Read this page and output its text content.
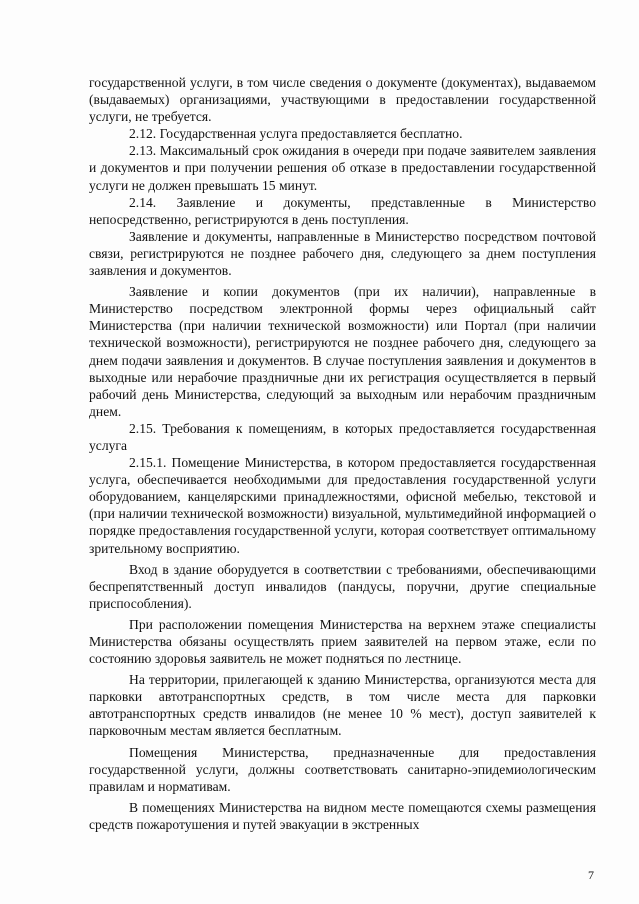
государственной услуги, в том числе сведения о документе (документах), выдаваемом (выдаваемых) организациями, участвующими в предоставлении государственной услуги, не требуется.

2.12. Государственная услуга предоставляется бесплатно.

2.13. Максимальный срок ожидания в очереди при подаче заявителем заявления и документов и при получении решения об отказе в предоставлении государственной услуги не должен превышать 15 минут.

2.14. Заявление и документы, представленные в Министерство непосредственно, регистрируются в день поступления.

Заявление и документы, направленные в Министерство посредством почтовой связи, регистрируются не позднее рабочего дня, следующего за днем поступления заявления и документов.

Заявление и копии документов (при их наличии), направленные в Министерство посредством электронной формы через официальный сайт Министерства (при наличии технической возможности) или Портал (при наличии технической возможности), регистрируются не позднее рабочего дня, следующего за днем подачи заявления и документов. В случае поступления заявления и документов в выходные или нерабочие праздничные дни их регистрация осуществляется в первый рабочий день Министерства, следующий за выходным или нерабочим праздничным днем.

2.15. Требования к помещениям, в которых предоставляется государственная услуга

2.15.1. Помещение Министерства, в котором предоставляется государственная услуга, обеспечивается необходимыми для предоставления государственной услуги оборудованием, канцелярскими принадлежностями, офисной мебелью, текстовой и (при наличии технической возможности) визуальной, мультимедийной информацией о порядке предоставления государственной услуги, которая соответствует оптимальному зрительному восприятию.

Вход в здание оборудуется в соответствии с требованиями, обеспечивающими беспрепятственный доступ инвалидов (пандусы, поручни, другие специальные приспособления).

При расположении помещения Министерства на верхнем этаже специалисты Министерства обязаны осуществлять прием заявителей на первом этаже, если по состоянию здоровья заявитель не может подняться по лестнице.

На территории, прилегающей к зданию Министерства, организуются места для парковки автотранспортных средств, в том числе места для парковки автотранспортных средств инвалидов (не менее 10 % мест), доступ заявителей к парковочным местам является бесплатным.

Помещения Министерства, предназначенные для предоставления государственной услуги, должны соответствовать санитарно-эпидемиологическим правилам и нормативам.

В помещениях Министерства на видном месте помещаются схемы размещения средств пожаротушения и путей эвакуации в экстренных

7
